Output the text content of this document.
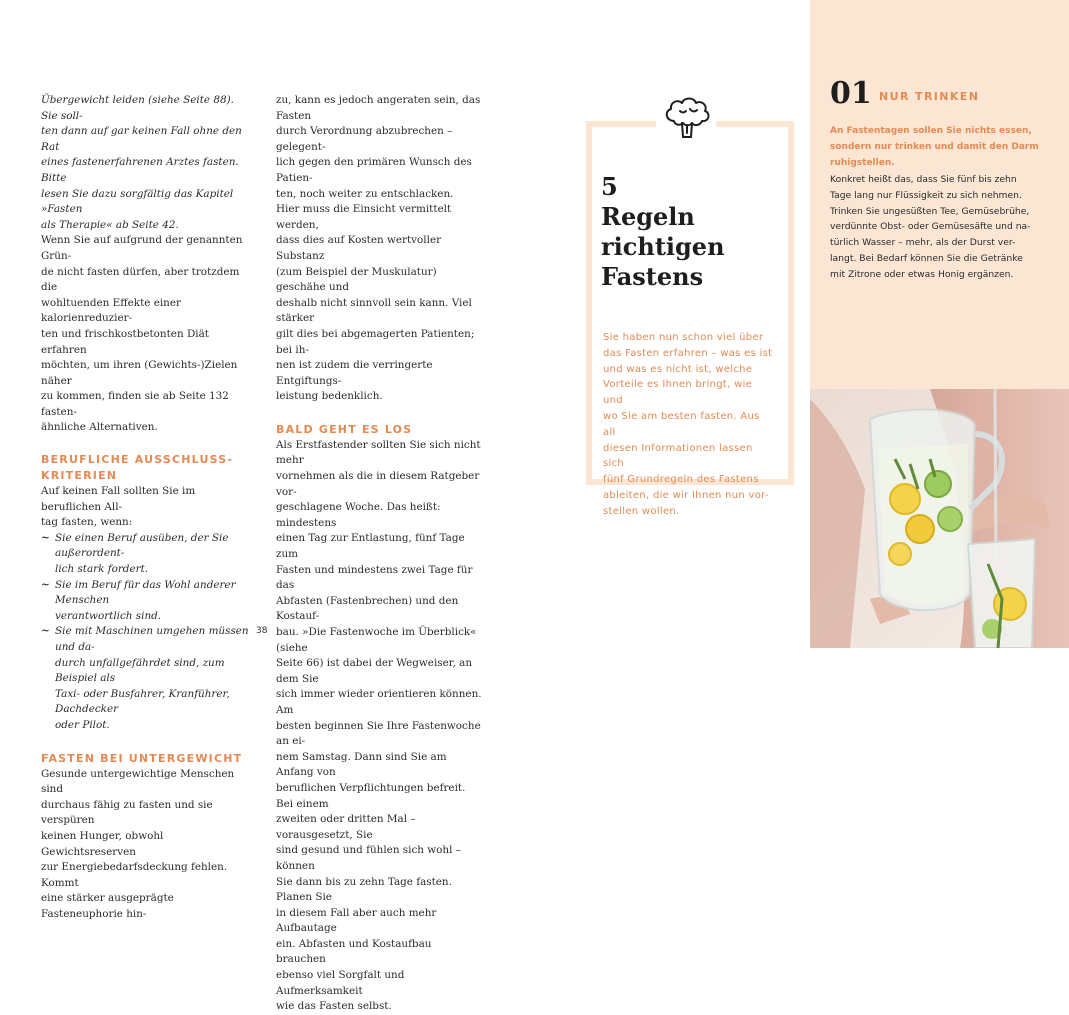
Übergewicht leiden (siehe Seite 88). Sie soll-
ten dann auf gar keinen Fall ohne den Rat
eines fastenerfahrenen Arztes fasten. Bitte
lesen Sie dazu sorgfältig das Kapitel »Fasten
als Therapie« ab Seite 42.

Wenn Sie auf aufgrund der genannten Grün-
de nicht fasten dürfen, aber trotzdem die
wohltuenden Effekte einer kalorienreduzier-
ten und frischkostbetonten Diät erfahren
möchten, um ihren (Gewichts-)Zielen näher
zu kommen, finden sie ab Seite 132 fasten-
ähnliche Alternativen.

BERUFLICHE AUSSCHLUSS-
KRITERIEN

Auf keinen Fall sollten Sie im beruflichen All-
tag fasten, wenn:

~ Sie einen Beruf ausüben, der Sie außerordent-
lich stark fordert.
~ Sie im Beruf für das Wohl anderer Menschen
verantwortlich sind.
~ Sie mit Maschinen umgehen müssen und da-
durch unfallgefährdet sind, zum Beispiel als
Taxi- oder Busfahrer, Kranführer, Dachdecker
oder Pilot.

FASTEN BEI UNTERGEWICHT

Gesunde untergewichtige Menschen sind
durchaus fähig zu fasten und sie verspüren
keinen Hunger, obwohl Gewichtsreserven
zur Energiebedarfsdeckung fehlen. Kommt
eine stärker ausgeprägte Fasteneuphorie hin-

zu, kann es jedoch angeraten sein, das Fasten
durch Verordnung abzubrechen – gelegent-
lich gegen den primären Wunsch des Patien-
ten, noch weiter zu entschlacken.
Hier muss die Einsicht vermittelt werden,
dass dies auf Kosten wertvoller Substanz
(zum Beispiel der Muskulatur) geschähe und
deshalb nicht sinnvoll sein kann. Viel stärker
gilt dies bei abgemagerten Patienten; bei ih-
nen ist zudem die verringerte Entgiftungs-
leistung bedenklich.

BALD GEHT ES LOS

Als Erstfastender sollten Sie sich nicht mehr
vornehmen als die in diesem Ratgeber vor-
geschlagene Woche. Das heißt: mindestens
einen Tag zur Entlastung, fünf Tage zum
Fasten und mindestens zwei Tage für das
Abfasten (Fastenbrechen) und den Kostauf-
bau. »Die Fastenwoche im Überblick« (siehe
Seite 66) ist dabei der Wegweiser, an dem Sie
sich immer wieder orientieren können. Am
besten beginnen Sie Ihre Fastenwoche an ei-
nem Samstag. Dann sind Sie am Anfang von
beruflichen Verpflichtungen befreit. Bei einem
zweiten oder dritten Mal – vorausgesetzt, Sie
sind gesund und fühlen sich wohl – können
Sie dann bis zu zehn Tage fasten. Planen Sie
in diesem Fall aber auch mehr Aufbautage
ein. Abfasten und Kostaufbau brauchen
ebenso viel Sorgfalt und Aufmerksamkeit
wie das Fasten selbst.

38
5
Regeln
richtigen
Fastens

Sie haben nun schon viel über
das Fasten erfahren – was es ist
und was es nicht ist, welche
Vorteile es Ihnen bringt, wie und
wo Sie am besten fasten. Aus all
diesen Informationen lassen sich
fünf Grundregeln des Fastens
ableiten, die wir Ihnen nun vor-
stellen wollen.

01 NUR TRINKEN

An Fastentagen sollen Sie nichts essen,
sondern nur trinken und damit den Darm
ruhigstellen.

Konkret heißt das, dass Sie fünf bis zehn
Tage lang nur Flüssigkeit zu sich nehmen.
Trinken Sie ungesüßten Tee, Gemüsebrühe,
verdünnte Obst- oder Gemüsesäfte und na-
türlich Wasser – mehr, als der Durst ver-
langt. Bei Bedarf können Sie die Getränke
mit Zitrone oder etwas Honig ergänzen.
